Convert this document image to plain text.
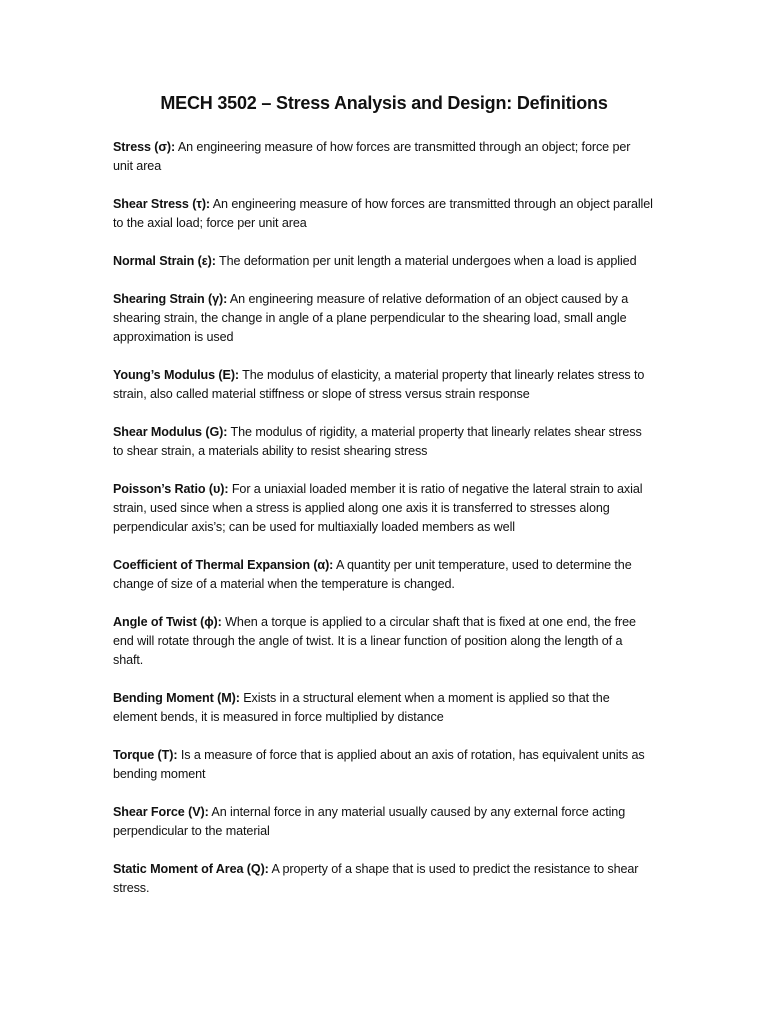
MECH 3502 – Stress Analysis and Design: Definitions

Stress (σ): An engineering measure of how forces are transmitted through an object; force per unit area

Shear Stress (τ): An engineering measure of how forces are transmitted through an object parallel to the axial load; force per unit area

Normal Strain (ε): The deformation per unit length a material undergoes when a load is applied

Shearing Strain (γ): An engineering measure of relative deformation of an object caused by a shearing strain, the change in angle of a plane perpendicular to the shearing load, small angle approximation is used

Young’s Modulus (E): The modulus of elasticity, a material property that linearly relates stress to strain, also called material stiffness or slope of stress versus strain response

Shear Modulus (G): The modulus of rigidity, a material property that linearly relates shear stress to shear strain, a materials ability to resist shearing stress

Poisson’s Ratio (υ): For a uniaxial loaded member it is ratio of negative the lateral strain to axial strain, used since when a stress is applied along one axis it is transferred to stresses along perpendicular axis’s; can be used for multiaxially loaded members as well

Coefficient of Thermal Expansion (α): A quantity per unit temperature, used to determine the change of size of a material when the temperature is changed.

Angle of Twist (ϕ): When a torque is applied to a circular shaft that is fixed at one end, the free end will rotate through the angle of twist. It is a linear function of position along the length of a shaft.

Bending Moment (M): Exists in a structural element when a moment is applied so that the element bends, it is measured in force multiplied by distance

Torque (T): Is a measure of force that is applied about an axis of rotation, has equivalent units as bending moment

Shear Force (V): An internal force in any material usually caused by any external force acting perpendicular to the material

Static Moment of Area (Q): A property of a shape that is used to predict the resistance to shear stress.
